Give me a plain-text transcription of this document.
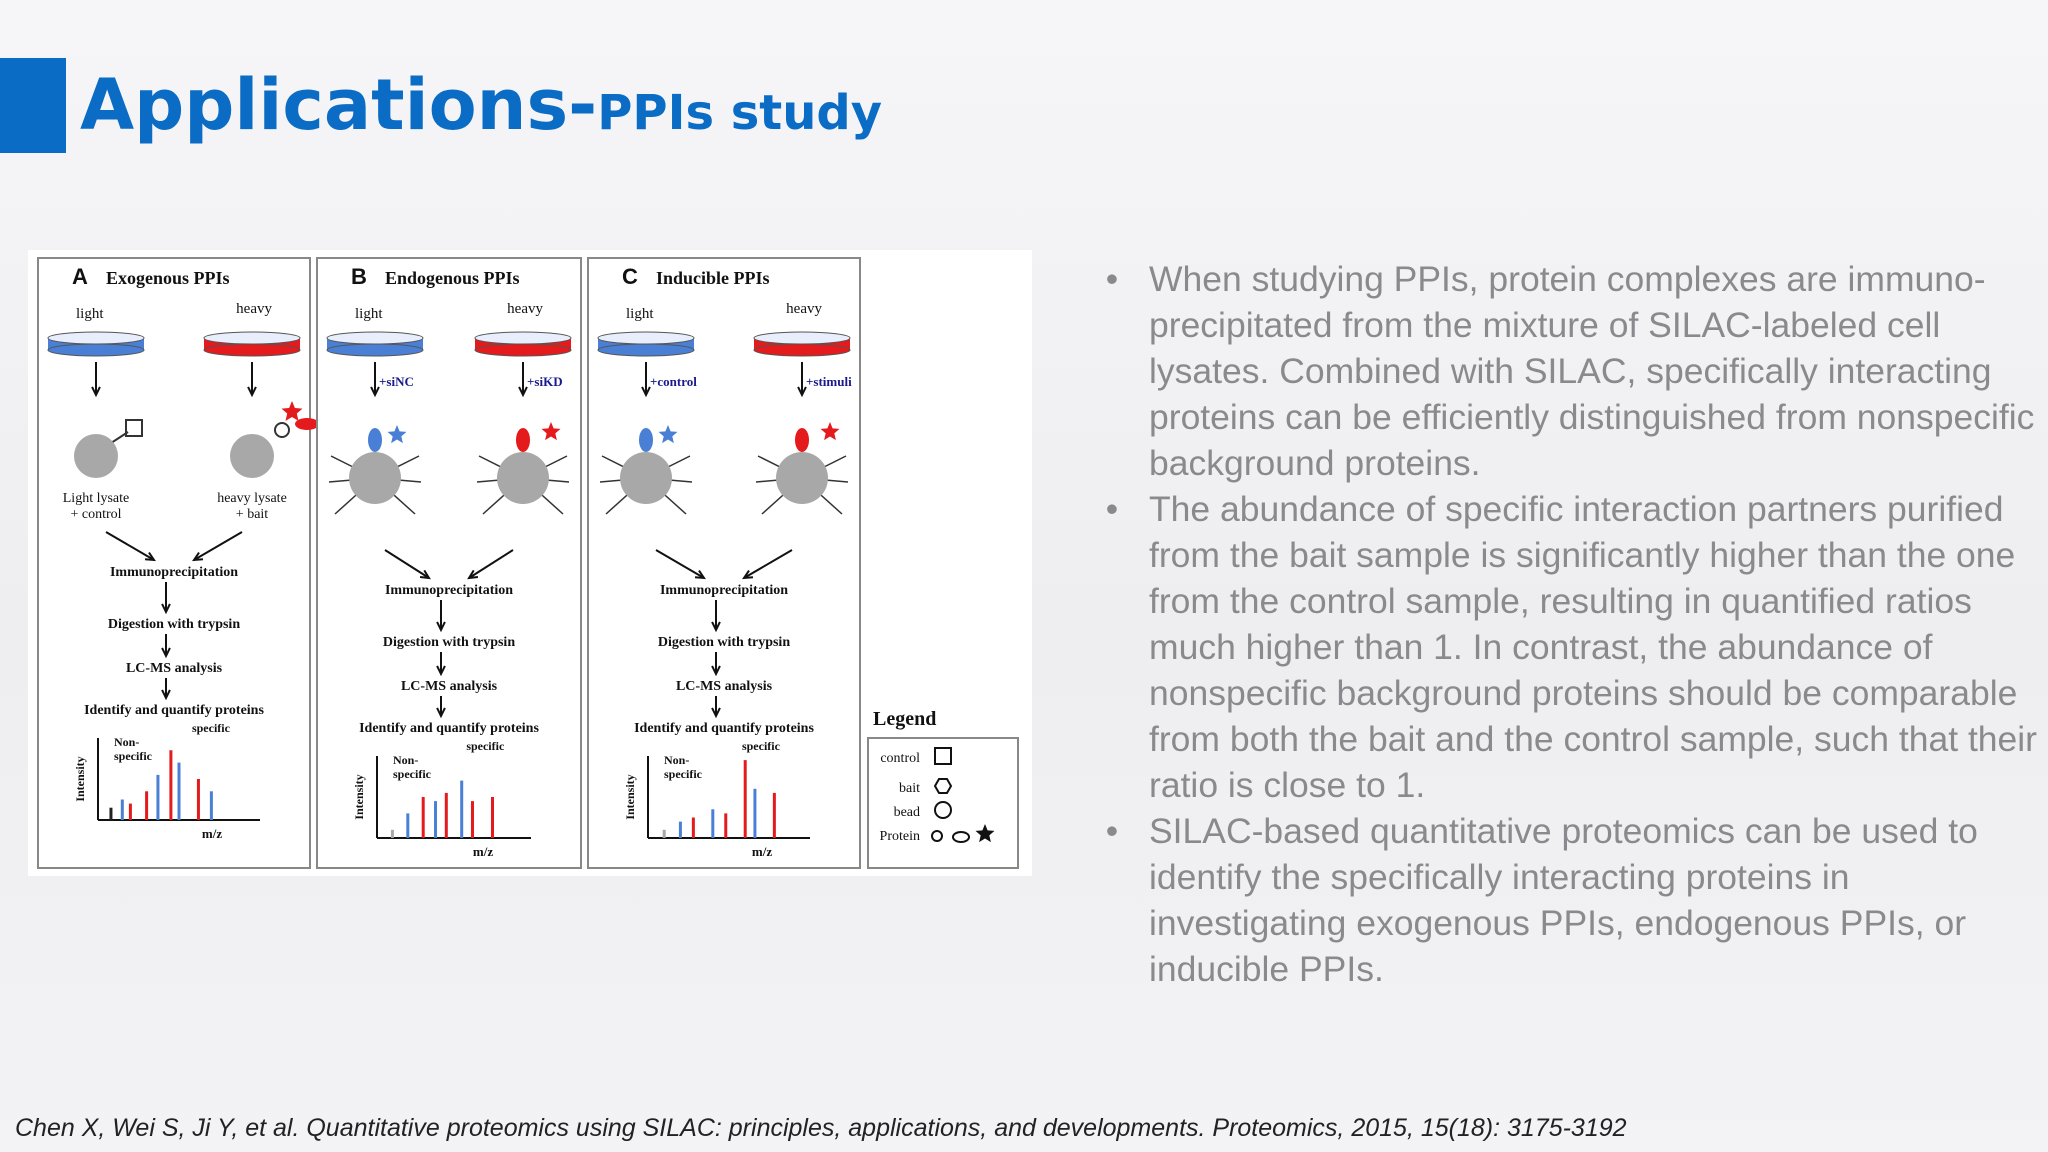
Applications- PPIs study
A Exogenous PPIs
light	heavy
Light lysate
+ control
heavy lysate
+ bait
Immunoprecipitation
Digestion with trypsin
LC-MS analysis
Identify and quantify proteins
Intensity
m/z
Non-
specific
specific
B Endogenous PPIs
light	heavy
+siNC	+siKD
Immunoprecipitation
Digestion with trypsin
LC-MS analysis
Identify and quantify proteins
Intensity
m/z
Non-
specific
specific
C Inducible PPIs
light	heavy
+control	+stimuli
Immunoprecipitation
Digestion with trypsin
LC-MS analysis
Identify and quantify proteins
Intensity
m/z
Non-
specific
specific
Legend
control
bait
bead
Protein
• When studying PPIs, protein complexes are immuno-precipitated from the mixture of SILAC-labeled cell lysates. Combined with SILAC, specifically interacting proteins can be efficiently distinguished from nonspecific background proteins.
• The abundance of specific interaction partners purified from the bait sample is significantly higher than the one from the control sample, resulting in quantified ratios much higher than 1. In contrast, the abundance of nonspecific background proteins should be comparable from both the bait and the control sample, such that their ratio is close to 1.
• SILAC-based quantitative proteomics can be used to identify the specifically interacting proteins in investigating exogenous PPIs, endogenous PPIs, or inducible PPIs.
Chen X, Wei S, Ji Y, et al. Quantitative proteomics using SILAC: principles, applications, and developments. Proteomics, 2015, 15(18): 3175-3192
